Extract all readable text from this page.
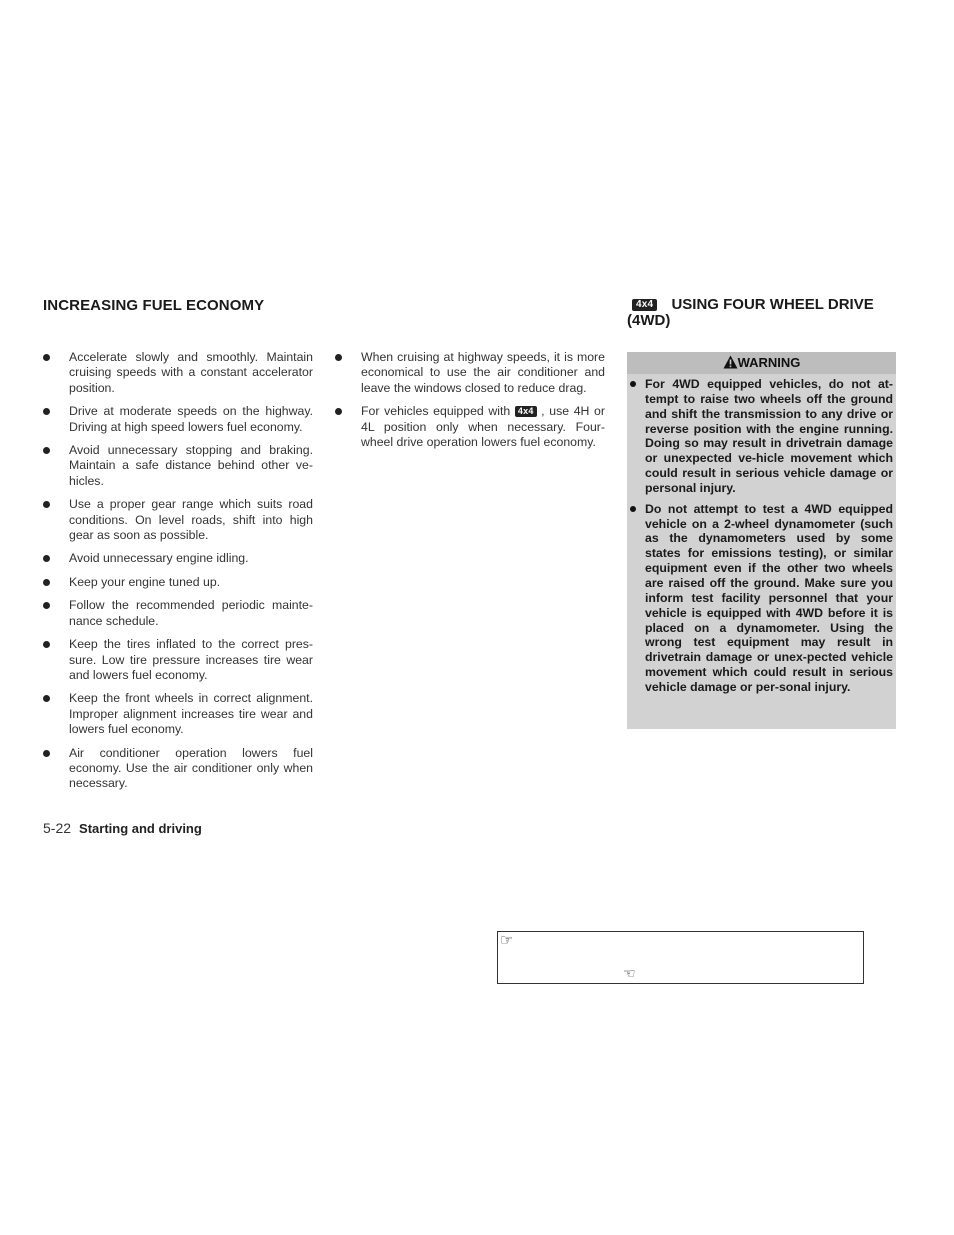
INCREASING FUEL ECONOMY
Accelerate slowly and smoothly. Maintain cruising speeds with a constant accelerator position.
Drive at moderate speeds on the highway. Driving at high speed lowers fuel economy.
Avoid unnecessary stopping and braking. Maintain a safe distance behind other ve-hicles.
Use a proper gear range which suits road conditions. On level roads, shift into high gear as soon as possible.
Avoid unnecessary engine idling.
Keep your engine tuned up.
Follow the recommended periodic mainte-nance schedule.
Keep the tires inflated to the correct pres-sure. Low tire pressure increases tire wear and lowers fuel economy.
Keep the front wheels in correct alignment. Improper alignment increases tire wear and lowers fuel economy.
Air conditioner operation lowers fuel economy. Use the air conditioner only when necessary.
When cruising at highway speeds, it is more economical to use the air conditioner and leave the windows closed to reduce drag.
For vehicles equipped with 4x4 , use 4H or 4L position only when necessary. Four-wheel drive operation lowers fuel economy.
4x4 USING FOUR WHEEL DRIVE
(4WD)
WARNING
For 4WD equipped vehicles, do not at-tempt to raise two wheels off the ground and shift the transmission to any drive or reverse position with the engine running. Doing so may result in drivetrain damage or unexpected ve-hicle movement which could result in serious vehicle damage or personal injury.
Do not attempt to test a 4WD equipped vehicle on a 2-wheel dynamometer (such as the dynamometers used by some states for emissions testing), or similar equipment even if the other two wheels are raised off the ground. Make sure you inform test facility personnel that your vehicle is equipped with 4WD before it is placed on a dynamometer. Using the wrong test equipment may result in drivetrain damage or unex-pected vehicle movement which could result in serious vehicle damage or per-sonal injury.
5-22 Starting and driving
☞
☜
